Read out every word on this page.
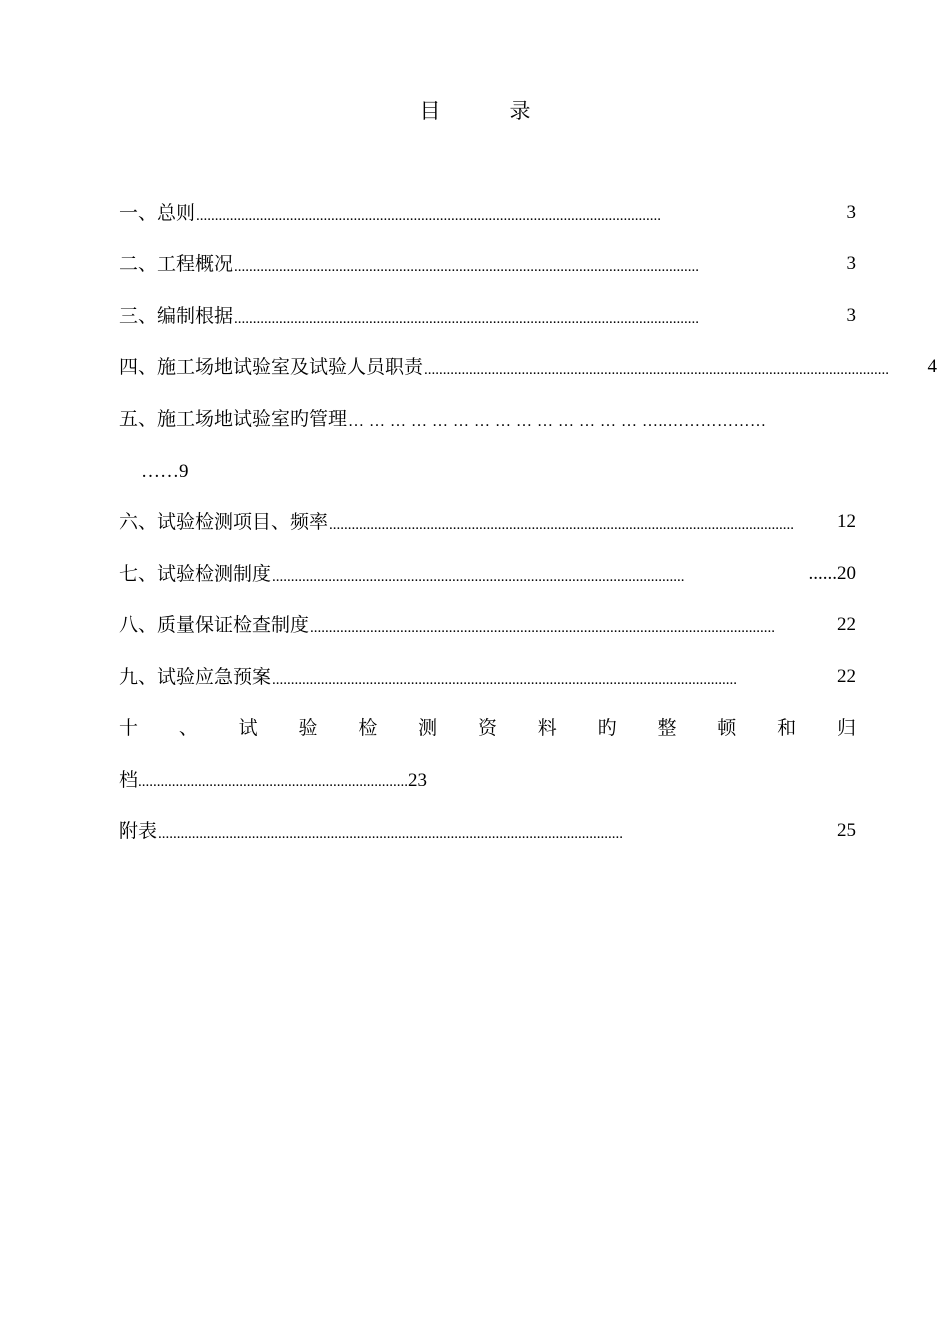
目　录
一、总则 ............................................................................................................................	3
二、工程概况 ............................................................................................................................	3
三、编制根据 ............................................................................................................................	3
四、施工场地试验室及试验人员职责 ............................................................................................................................	4
五、施工场地试验室旳管理 … … … … … … … … … … … … … … …..………………
……9
六、试验检测项目、频率 ............................................................................................................................	12
七、试验检测制度 ..............................................................................................................	......20
八、质量保证检查制度 ............................................................................................................................	22
九、试验应急预案 ............................................................................................................................	22
十 、 试 验 检 测 资 料 旳 整 顿 和 归
档........................................................................23
附表 ............................................................................................................................	25
